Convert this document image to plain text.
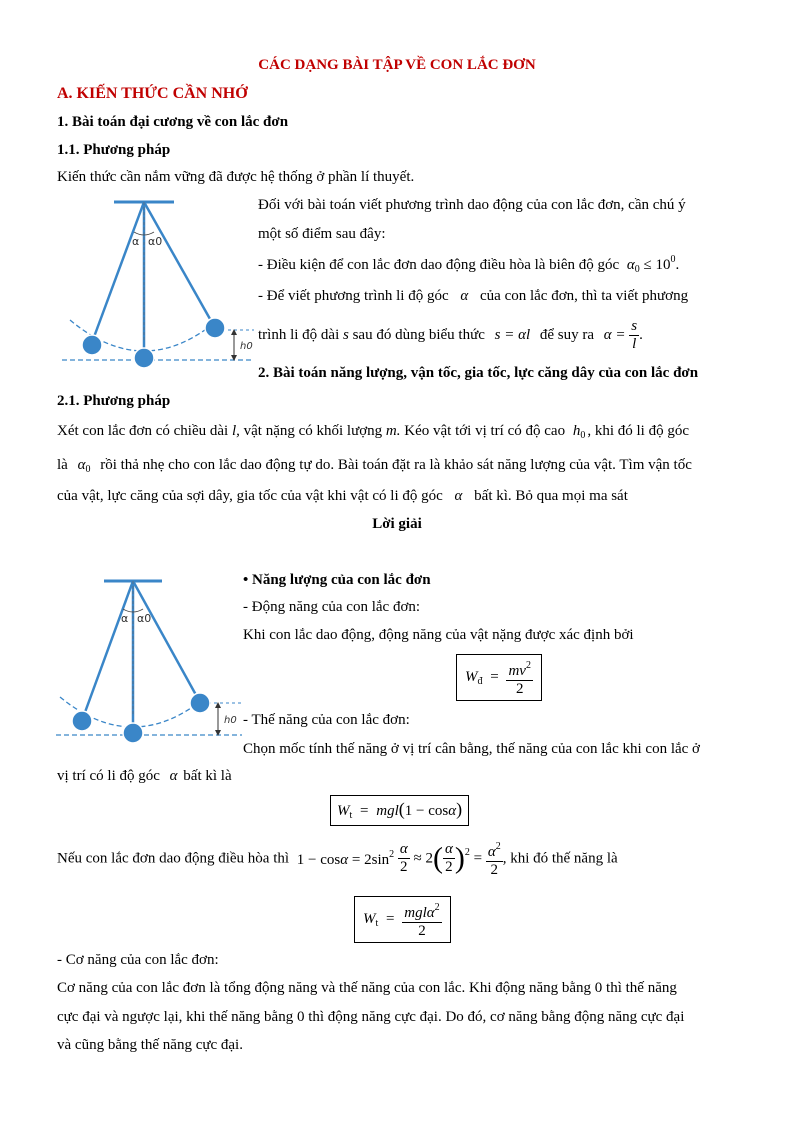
CÁC DẠNG BÀI TẬP VỀ CON LẮC ĐƠN
A. KIẾN THỨC CẦN NHỚ
1. Bài toán đại cương về con lắc đơn
1.1. Phương pháp
Kiến thức cần nắm vững đã được hệ thống ở phần lí thuyết.
α α0
h0
Đối với bài toán viết phương trình dao động của con lắc đơn, cần chú ý
một số điểm sau đây:
- Điều kiện để con lắc đơn dao động điều hòa là biên độ góc $\alpha_0 \le 10^0$.
- Để viết phương trình li độ góc α của con lắc đơn, thì ta viết phương
trình li độ dài s sau đó dùng biểu thức s = αl để suy ra $\alpha = \frac{s}{l}$ .
2. Bài toán năng lượng, vận tốc, gia tốc, lực căng dây của con lắc đơn
2.1. Phương pháp
Xét con lắc đơn có chiều dài l, vật nặng có khối lượng m. Kéo vật tới vị trí có độ cao $h_0$ , khi đó li độ góc
là $\alpha_0$ rồi thả nhẹ cho con lắc dao động tự do. Bài toán đặt ra là khảo sát năng lượng của vật. Tìm vận tốc
của vật, lực căng của sợi dây, gia tốc của vật khi vật có li độ góc α bất kì. Bỏ qua mọi ma sát
Lời giải
α α0
h0
• Năng lượng của con lắc đơn
- Động năng của con lắc đơn:
Khi con lắc dao động, động năng của vật nặng được xác định bởi
$W_đ = \frac{mv^2}{2}$
- Thế năng của con lắc đơn:
Chọn mốc tính thế năng ở vị trí cân bằng, thế năng của con lắc khi con lắc ở
vị trí có li độ góc α bất kì là
$W_t = mgl(1 - \cos\alpha)$
Nếu con lắc đơn dao động điều hòa thì $1 - \cos\alpha = 2\sin^2 \frac{\alpha}{2} \approx 2( \frac{\alpha}{2} )^2 = \frac{\alpha^2}{2}$ , khi đó thế năng là
$W_t = \frac{mgl\alpha^2}{2}$
- Cơ năng của con lắc đơn:
Cơ năng của con lắc đơn là tổng động năng và thế năng của con lắc. Khi động năng bằng 0 thì thế năng
cực đại và ngược lại, khi thế năng bằng 0 thì động năng cực đại. Do đó, cơ năng bằng động năng cực đại
và cũng bằng thế năng cực đại.
